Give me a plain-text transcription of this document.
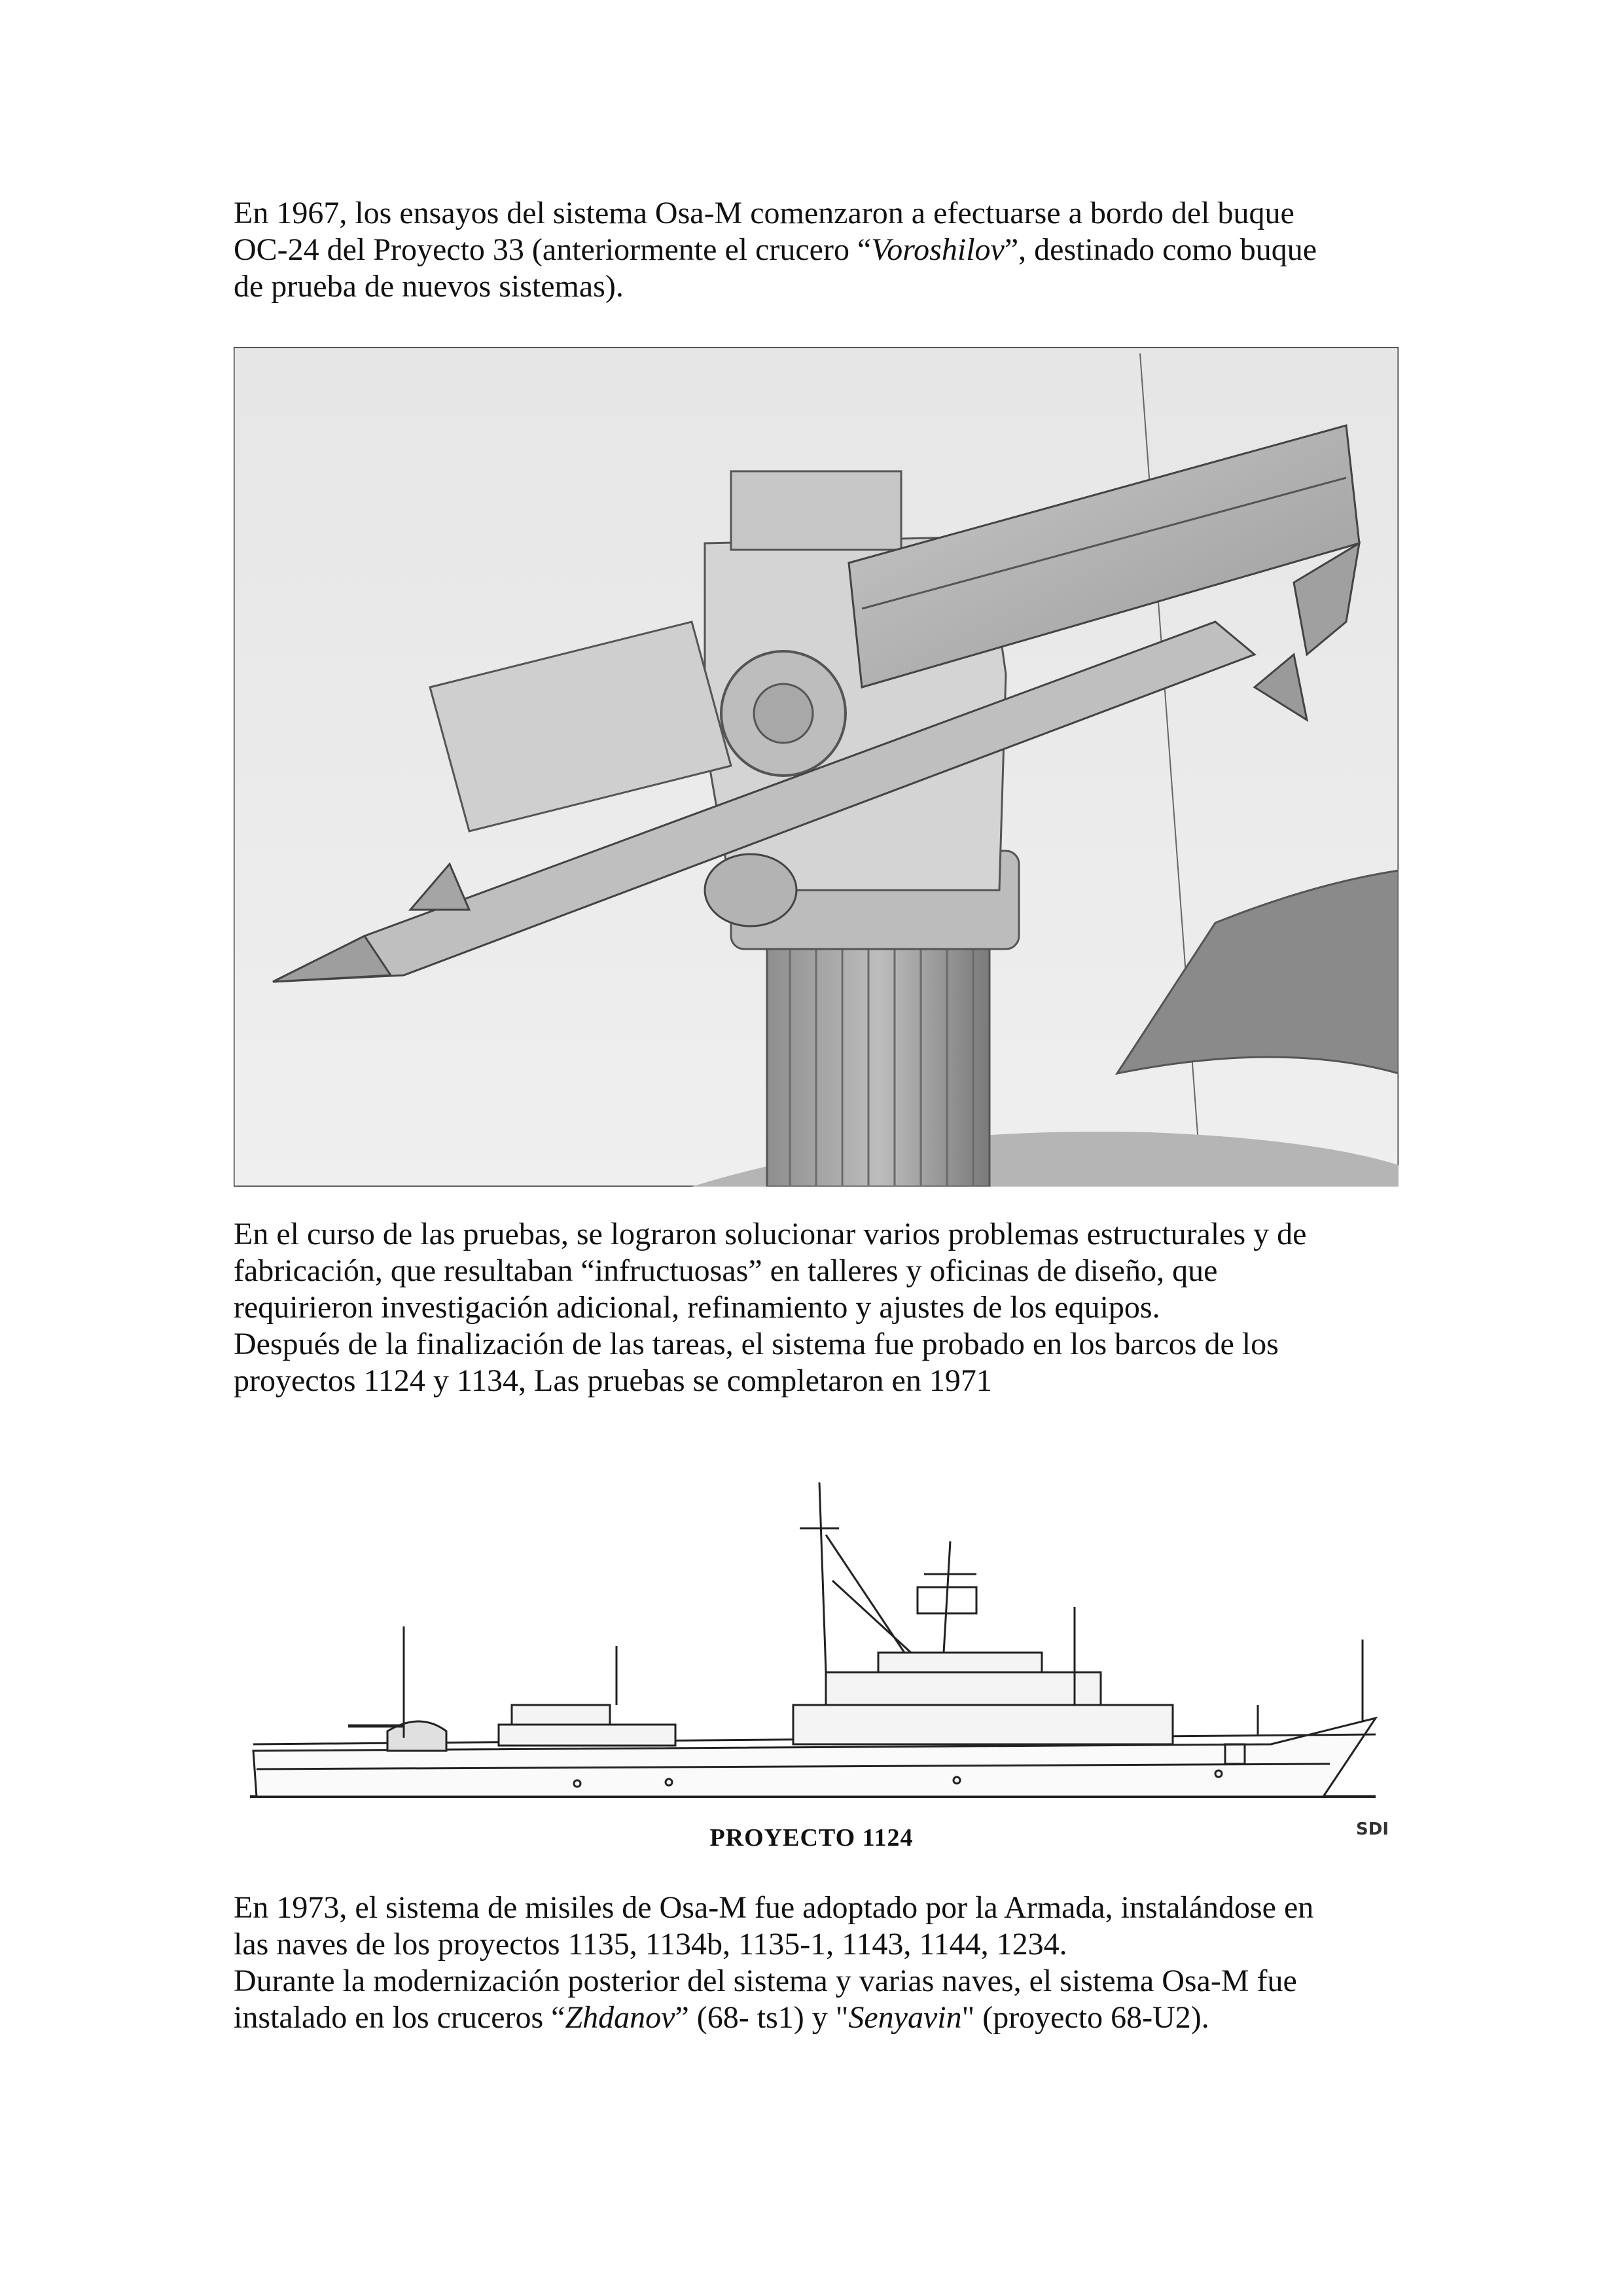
En 1967, los ensayos del sistema Osa-M comenzaron a efectuarse a bordo del buque
OC-24 del Proyecto 33 (anteriormente el crucero “Voroshilov”, destinado como buque
de prueba de nuevos sistemas).
En el curso de las pruebas, se lograron solucionar varios problemas estructurales y de
fabricación, que resultaban “infructuosas” en talleres y oficinas de diseño, que
requirieron investigación adicional, refinamiento y ajustes de los equipos.
Después de la finalización de las tareas, el sistema fue probado en los barcos de los
proyectos 1124 y 1134, Las pruebas se completaron en 1971
SDI
PROYECTO 1124
En 1973, el sistema de misiles de Osa-M fue adoptado por la Armada, instalándose en
las naves de los proyectos 1135, 1134b, 1135-1, 1143, 1144, 1234.
Durante la modernización posterior del sistema y varias naves, el sistema Osa-M fue
instalado en los cruceros “Zhdanov” (68- ts1) y "Senyavin" (proyecto 68-U2).
